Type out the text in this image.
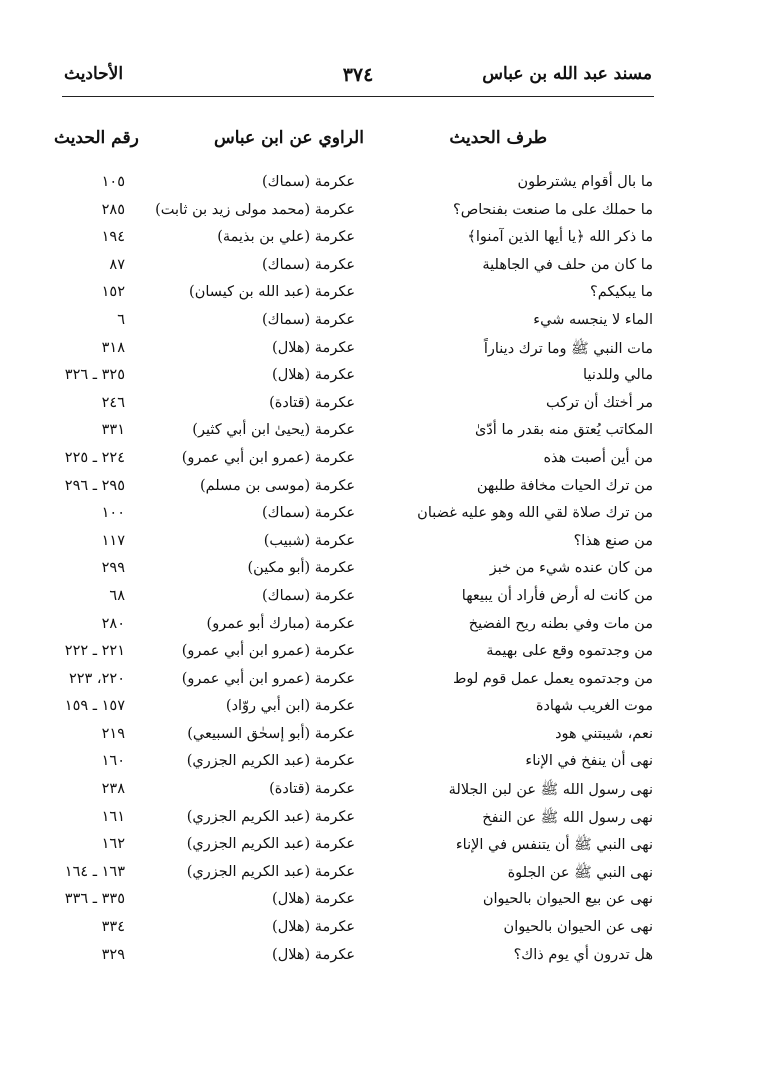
مسند عبد الله بن عباس
٣٧٤
الأحاديث
طرف الحديث
الراوي عن ابن عباس
رقم الحديث
ما بال أقوام يشترطون
عكرمة (سماك)
١٠٥
ما حملك على ما صنعت بفنحاص؟
عكرمة (محمد مولى زيد بن ثابت)
٢٨٥
ما ذكر الله ﴿يا أيها الذين آمنوا﴾
عكرمة (علي بن بذيمة)
١٩٤
ما كان من حلف في الجاهلية
عكرمة (سماك)
٨٧
ما يبكيكم؟
عكرمة (عبد الله بن كيسان)
١٥٢
الماء لا ينجسه شيء
عكرمة (سماك)
٦
مات النبي ﷺ وما ترك ديناراً
عكرمة (هلال)
٣١٨
مالي وللدنيا
عكرمة (هلال)
٣٢٥ ـ ٣٢٦
مر أختك أن تركب
عكرمة (قتادة)
٢٤٦
المكاتب يُعتق منه بقدر ما أدّىٰ
عكرمة (يحيىٰ ابن أبي كثير)
٣٣١
من أين أصبت هذه
عكرمة (عمرو ابن أبي عمرو)
٢٢٤ ـ ٢٢٥
من ترك الحيات مخافة طلبهن
عكرمة (موسى بن مسلم)
٢٩٥ ـ ٢٩٦
من ترك صلاة لقي الله وهو عليه غضبان
عكرمة (سماك)
١٠٠
من صنع هذا؟
عكرمة (شبيب)
١١٧
من كان عنده شيء من خبز
عكرمة (أبو مكين)
٢٩٩
من كانت له أرض فأراد أن يبيعها
عكرمة (سماك)
٦٨
من مات وفي بطنه ريح الفضيخ
عكرمة (مبارك أبو عمرو)
٢٨٠
من وجدتموه وقع على بهيمة
عكرمة (عمرو ابن أبي عمرو)
٢٢١ ـ ٢٢٢
من وجدتموه يعمل عمل قوم لوط
عكرمة (عمرو ابن أبي عمرو)
٢٢٠، ٢٢٣
موت الغريب شهادة
عكرمة (ابن أبي روّاد)
١٥٧ ـ ١٥٩
نعم، شيبتني هود
عكرمة (أبو إسحٰق السبيعي)
٢١٩
نهى أن ينفخ في الإناء
عكرمة (عبد الكريم الجزري)
١٦٠
نهى رسول الله ﷺ عن لبن الجلالة
عكرمة (قتادة)
٢٣٨
نهى رسول الله ﷺ عن النفخ
عكرمة (عبد الكريم الجزري)
١٦١
نهى النبي ﷺ أن يتنفس في الإناء
عكرمة (عبد الكريم الجزري)
١٦٢
نهى النبي ﷺ عن الجلوة
عكرمة (عبد الكريم الجزري)
١٦٣ ـ ١٦٤
نهى عن بيع الحيوان بالحيوان
عكرمة (هلال)
٣٣٥ ـ ٣٣٦
نهى عن الحيوان بالحيوان
عكرمة (هلال)
٣٣٤
هل تدرون أي يوم ذاك؟
عكرمة (هلال)
٣٢٩
